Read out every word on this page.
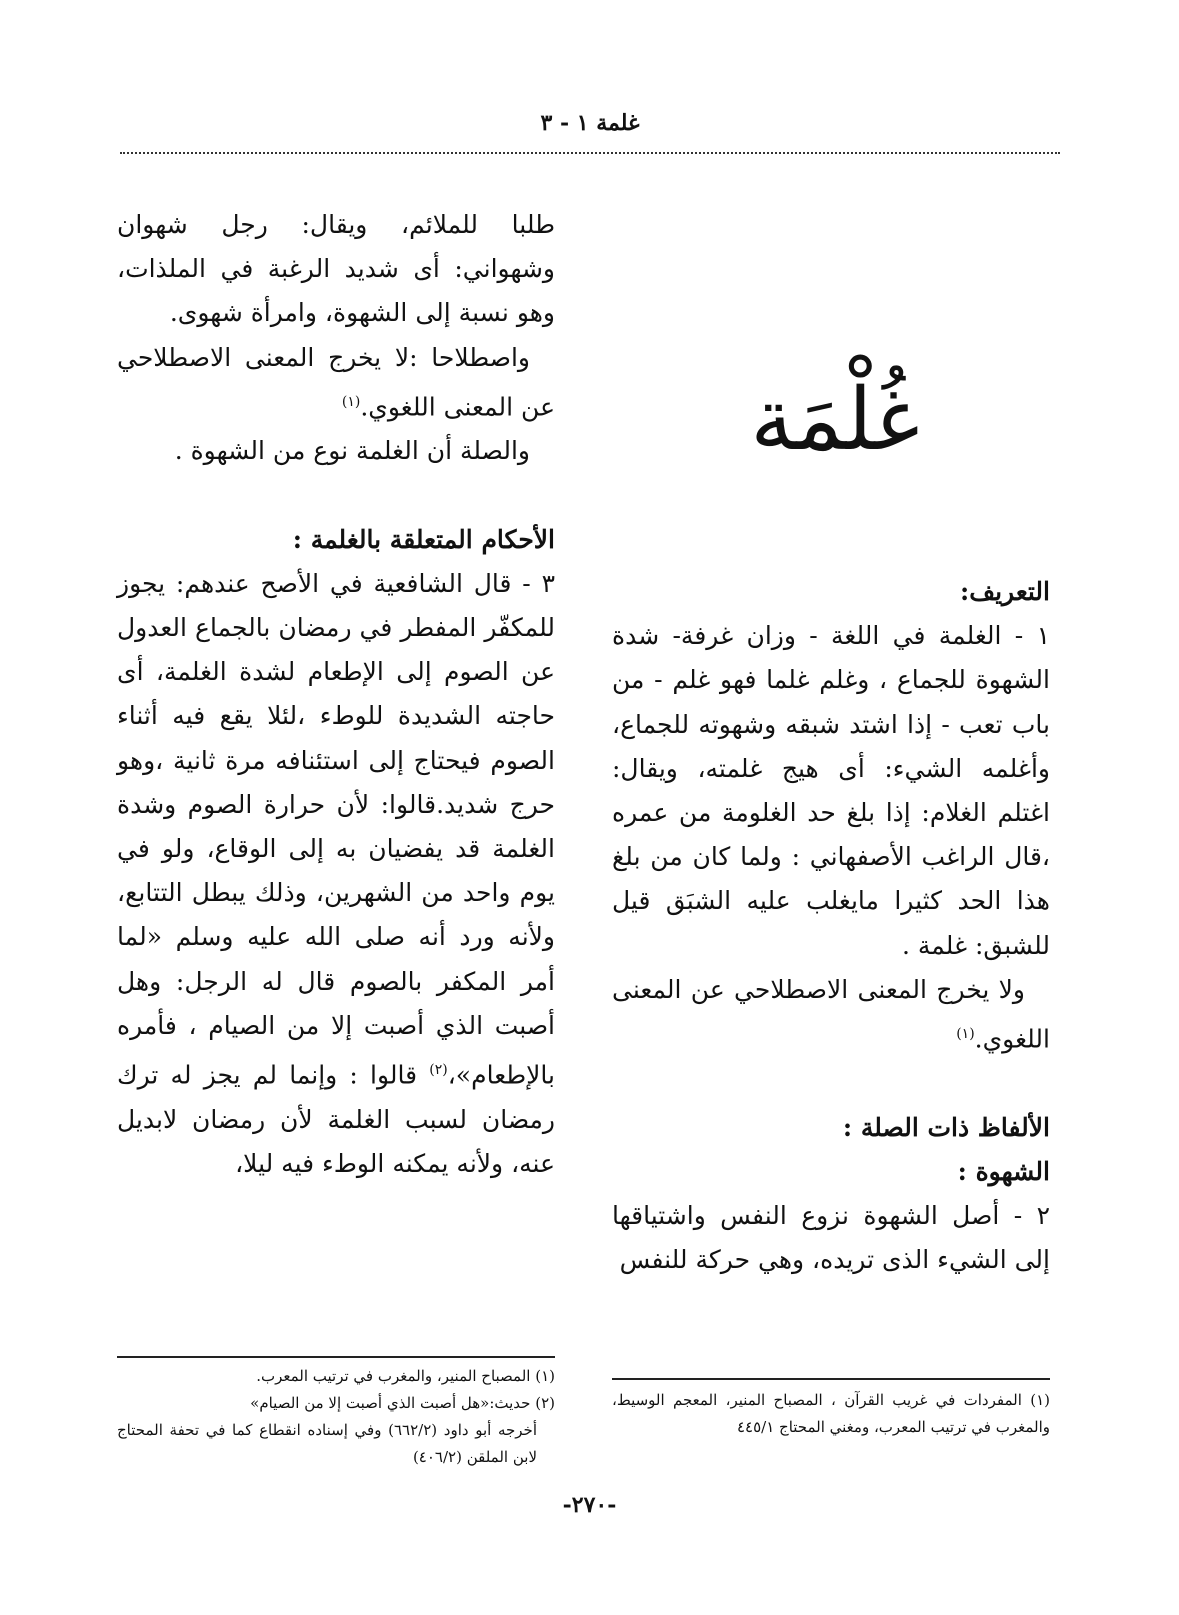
غلمة ١ - ٣
غُلْمَة

التعريف:

١ - الغلمة في اللغة - وزان غرفة- شدة الشهوة للجماع ، وغلم غلما فهو غلم - من باب تعب - إذا اشتد شبقه وشهوته للجماع، وأغلمه الشيء: أى هيج غلمته، ويقال: اغتلم الغلام: إذا بلغ حد الغلومة من عمره ،قال الراغب الأصفهاني : ولما كان من بلغ هذا الحد كثيرا مايغلب عليه الشبَق قيل للشبق: غلمة .

ولا يخرج المعنى الاصطلاحي عن المعنى اللغوي.$^{(١)}$

الألفاظ ذات الصلة :

الشهوة :

٢ - أصل الشهوة نزوع النفس واشتياقها إلى الشيء الذى تريده، وهي حركة للنفس

طلبا للملائم، ويقال: رجل شهوان وشهواني: أى شديد الرغبة في الملذات، وهو نسبة إلى الشهوة، وامرأة شهوى.

واصطلاحا :لا يخرج المعنى الاصطلاحي عن المعنى اللغوي.$^{(١)}$

والصلة أن الغلمة نوع من الشهوة .

الأحكام المتعلقة بالغلمة :

٣ - قال الشافعية في الأصح عندهم: يجوز للمكفّر المفطر في رمضان بالجماع العدول عن الصوم إلى الإطعام لشدة الغلمة، أى حاجته الشديدة للوطء ،لئلا يقع فيه أثناء الصوم فيحتاج إلى استئنافه مرة ثانية ،وهو حرج شديد.قالوا: لأن حرارة الصوم وشدة الغلمة قد يفضيان به إلى الوقاع، ولو في يوم واحد من الشهرين، وذلك يبطل التتابع، ولأنه ورد أنه صلى الله عليه وسلم «لما أمر المكفر بالصوم قال له الرجل: وهل أصبت الذي أصبت إلا من الصيام ، فأمره بالإطعام»،$^{(٢)}$ قالوا : وإنما لم يجز له ترك رمضان لسبب الغلمة لأن رمضان لابديل عنه، ولأنه يمكنه الوطء فيه ليلا،

(١) المفردات في غريب القرآن ، المصباح المنير، المعجم الوسيط، والمغرب في ترتيب المعرب، ومغني المحتاج ٤٤٥/١

(١) المصباح المنير، والمغرب في ترتيب المعرب.

(٢) حديث:«هل أصبت الذي أصبت إلا من الصيام»

أخرجه أبو داود (٦٦٢/٢) وفي إسناده انقطاع كما في تحفة المحتاج لابن الملقن (٤٠٦/٢)

-٢٧٠-
